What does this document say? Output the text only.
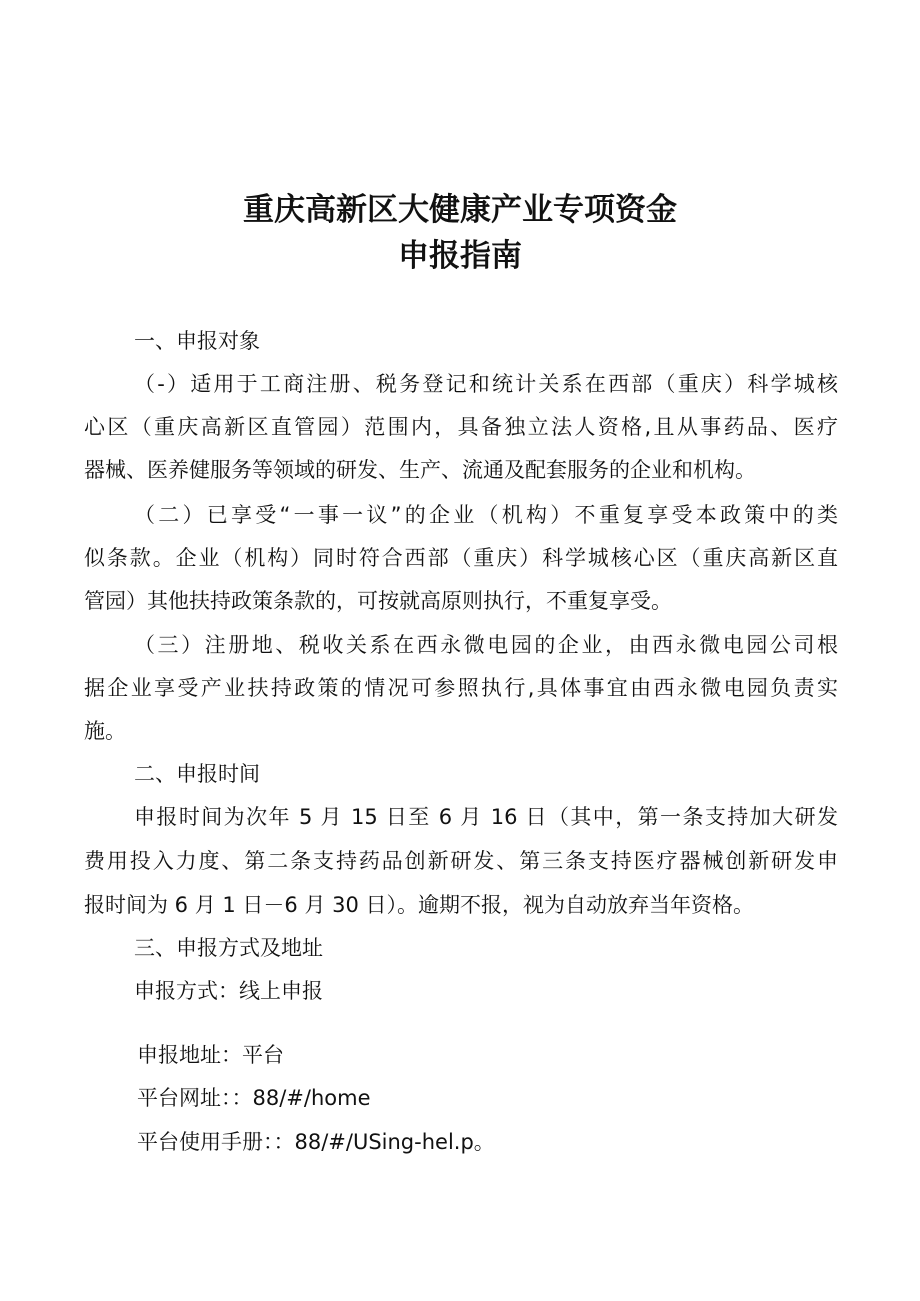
重庆高新区大健康产业专项资金
申报指南
一、申报对象
（-）适用于工商注册、税务登记和统计关系在西部（重庆）科学城核
心区（重庆高新区直管园）范围内，具备独立法人资格,且从事药品、医疗
器械、医养健服务等领域的研发、生产、流通及配套服务的企业和机构。
（二）已享受“一事一议”的企业（机构）不重复享受本政策中的类
似条款。企业（机构）同时符合西部（重庆）科学城核心区（重庆高新区直
管园）其他扶持政策条款的，可按就高原则执行，不重复享受。
（三）注册地、税收关系在西永微电园的企业，由西永微电园公司根
据企业享受产业扶持政策的情况可参照执行,具体事宜由西永微电园负责实
施。
二、申报时间
申报时间为次年 5 月 15 日至 6 月 16 日（其中，第一条支持加大研发
费用投入力度、第二条支持药品创新研发、第三条支持医疗器械创新研发申
报时间为 6 月 1 日－6 月 30 日）。逾期不报，视为自动放弃当年资格。
三、申报方式及地址
申报方式：线上申报
申报地址：平台
平台网址：：88/#/home
平台使用手册：：88/#/USing-hel.p。
